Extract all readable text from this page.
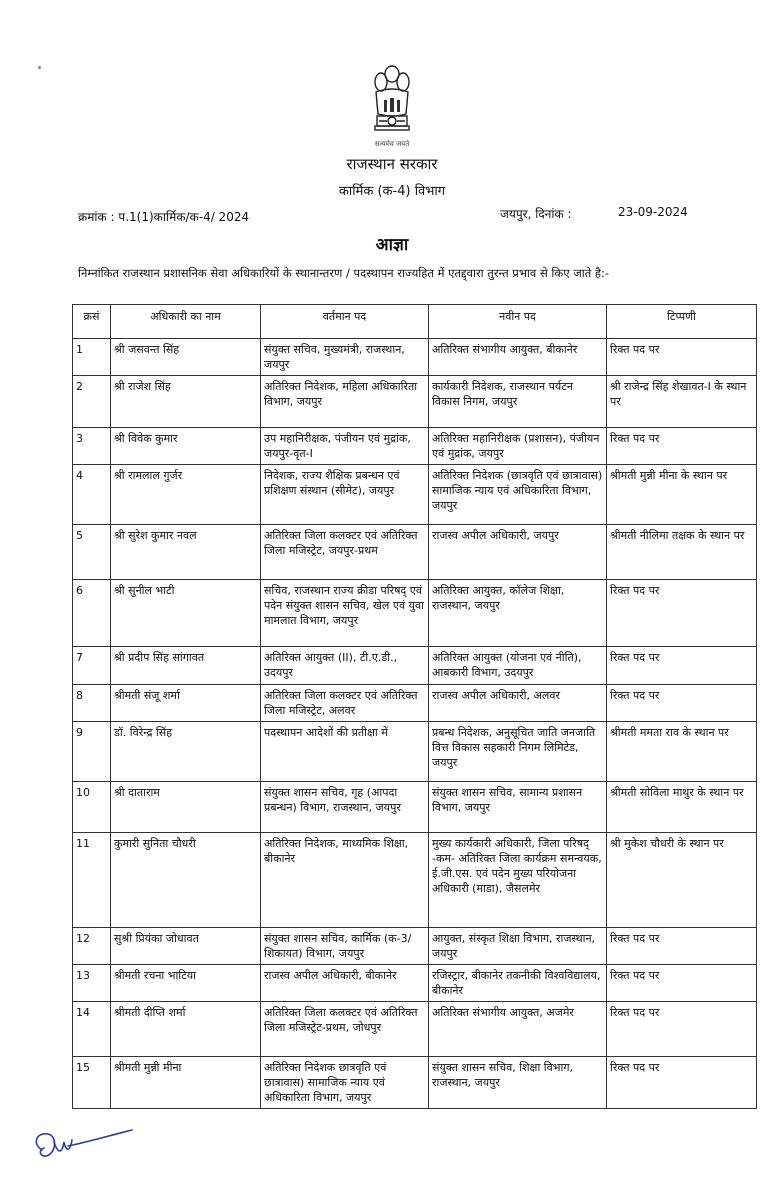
सत्यमेव जयते
राजस्थान सरकार
कार्मिक (क-4) विभाग
क्रमांक : प.1(1)कार्मिक/क-4/ 2024	जयपुर, दिनांक :	23-09-2024
आज्ञा
निम्नांकित राजस्थान प्रशासनिक सेवा अधिकारियों के स्थानान्तरण / पदस्थापन राज्यहित में एतद्द्वारा तुरन्त प्रभाव से किए जाते है:-
क्रसं	अधिकारी का नाम	वर्तमान पद	नवीन पद	टिप्पणी
1	श्री जसवन्त सिंह	संयुक्त सचिव, मुख्यमंत्री, राजस्थान, जयपुर	अतिरिक्त संभागीय आयुक्त, बीकानेर	रिक्त पद पर
2	श्री राजेश सिंह	अतिरिक्त निदेशक, महिला अधिकारिता विभाग, जयपुर	कार्यकारी निदेशक, राजस्थान पर्यटन विकास निगम, जयपुर	श्री राजेन्द्र सिंह शेखावत-I के स्थान पर
3	श्री विवेक कुमार	उप महानिरीक्षक, पंजीयन एवं मुद्रांक, जयपुर-वृत-I	अतिरिक्त महानिरीक्षक (प्रशासन), पंजीयन एवं मुद्रांक, जयपुर	रिक्त पद पर
4	श्री रामलाल गुर्जर	निदेशक, राज्य शैक्षिक प्रबन्धन एवं प्रशिक्षण संस्थान (सीमेट), जयपुर	अतिरिक्त निदेशक (छात्रवृति एवं छात्रावास) सामाजिक न्याय एवं अधिकारिता विभाग, जयपुर	श्रीमती मुन्नी मीना के स्थान पर
5	श्री सुरेश कुमार नवल	अतिरिक्त जिला कलक्टर एवं अतिरिक्त जिला मजिस्ट्रेट, जयपुर-प्रथम	राजस्व अपील अधिकारी, जयपुर	श्रीमती नीलिमा तक्षक के स्थान पर
6	श्री सुनील भाटी	सचिव, राजस्थान राज्य क्रीडा परिषद् एवं पदेन संयुक्त शासन सचिव, खेल एवं युवा मामलात विभाग, जयपुर	अतिरिक्त आयुक्त, कॉलेज शिक्षा, राजस्थान, जयपुर	रिक्त पद पर
7	श्री प्रदीप सिंह सांगावत	अतिरिक्त आयुक्त (II), टी.ए.डी., उदयपुर	अतिरिक्त आयुक्त (योजना एवं नीति), आबकारी विभाग, उदयपुर	रिक्त पद पर
8	श्रीमती संजू शर्मा	अतिरिक्त जिला कलक्टर एवं अतिरिक्त जिला मजिस्ट्रेट, अलवर	राजस्व अपील अधिकारी, अलवर	रिक्त पद पर
9	डॉ. विरेन्द्र सिंह	पदस्थापन आदेशों की प्रतीक्षा में	प्रबन्ध निदेशक, अनुसूचित जाति जनजाति वित्त विकास सहकारी निगम लिमिटेड, जयपुर	श्रीमती ममता राव के स्थान पर
10	श्री दाताराम	संयुक्त शासन सचिव, गृह (आपदा प्रबन्धन) विभाग, राजस्थान, जयपुर	संयुक्त शासन सचिव, सामान्य प्रशासन विभाग, जयपुर	श्रीमती सोविला माथुर के स्थान पर
11	कुमारी सुनिता चौधरी	अतिरिक्त निदेशक, माध्यमिक शिक्षा, बीकानेर	मुख्य कार्यकारी अधिकारी, जिला परिषद् -कम- अतिरिक्त जिला कार्यक्रम समन्वयक, ई.जी.एस. एवं पदेन मुख्य परियोजना अधिकारी (माडा), जैसलमेर	श्री मुकेश चौधरी के स्थान पर
12	सुश्री प्रियंका जोधावत	संयुक्त शासन सचिव, कार्मिक (क-3/शिकायत) विभाग, जयपुर	आयुक्त, संस्कृत शिक्षा विभाग, राजस्थान, जयपुर	रिक्त पद पर
13	श्रीमती रचना भाटिया	राजस्व अपील अधिकारी, बीकानेर	रजिस्ट्रार, बीकानेर तकनीकी विश्वविद्यालय, बीकानेर	रिक्त पद पर
14	श्रीमती दीप्ति शर्मा	अतिरिक्त जिला कलक्टर एवं अतिरिक्त जिला मजिस्ट्रेट-प्रथम, जोधपुर	अतिरिक्त संभागीय आयुक्त, अजमेर	रिक्त पद पर
15	श्रीमती मुन्नी मीना	अतिरिक्त निदेशक छात्रवृति एवं छात्रावास) सामाजिक न्याय एवं अधिकारिता विभाग, जयपुर	संयुक्त शासन सचिव, शिक्षा विभाग, राजस्थान, जयपुर	रिक्त पद पर
